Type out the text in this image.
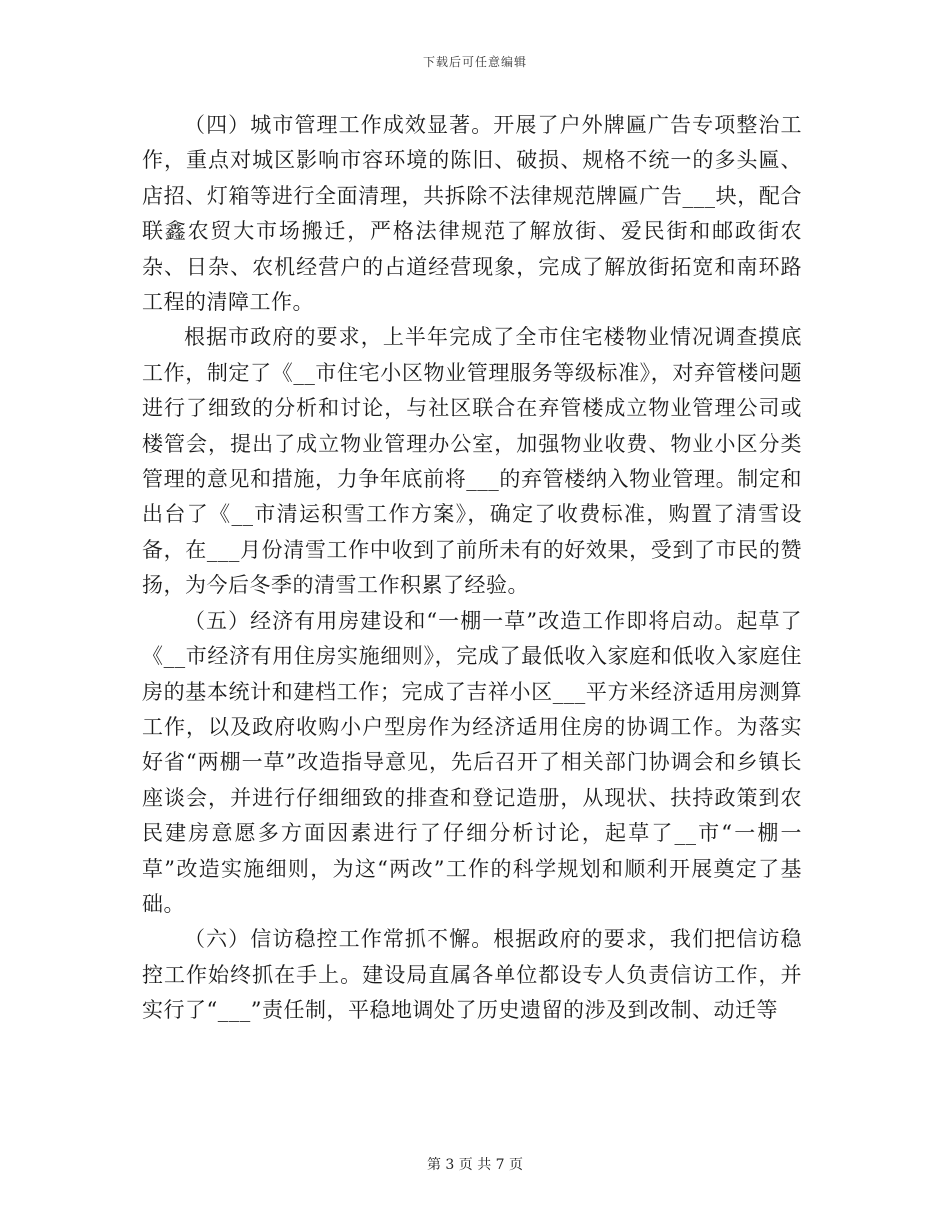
下载后可任意编辑

（四）城市管理工作成效显著。开展了户外牌匾广告专项整治工作，重点对城区影响市容环境的陈旧、破损、规格不统一的多头匾、店招、灯箱等进行全面清理，共拆除不法律规范牌匾广告___块，配合联鑫农贸大市场搬迁，严格法律规范了解放街、爱民街和邮政街农杂、日杂、农机经营户的占道经营现象，完成了解放街拓宽和南环路工程的清障工作。

根据市政府的要求，上半年完成了全市住宅楼物业情况调查摸底工作，制定了《__市住宅小区物业管理服务等级标准》，对弃管楼问题进行了细致的分析和讨论，与社区联合在弃管楼成立物业管理公司或楼管会，提出了成立物业管理办公室，加强物业收费、物业小区分类管理的意见和措施，力争年底前将___的弃管楼纳入物业管理。制定和出台了《__市清运积雪工作方案》，确定了收费标准，购置了清雪设备，在___月份清雪工作中收到了前所未有的好效果，受到了市民的赞扬，为今后冬季的清雪工作积累了经验。

（五）经济有用房建设和“一棚一草”改造工作即将启动。起草了《__市经济有用住房实施细则》，完成了最低收入家庭和低收入家庭住房的基本统计和建档工作；完成了吉祥小区___平方米经济适用房测算工作，以及政府收购小户型房作为经济适用住房的协调工作。为落实好省“两棚一草”改造指导意见，先后召开了相关部门协调会和乡镇长座谈会，并进行仔细细致的排查和登记造册，从现状、扶持政策到农民建房意愿多方面因素进行了仔细分析讨论，起草了__市“一棚一草”改造实施细则，为这“两改”工作的科学规划和顺利开展奠定了基础。

（六）信访稳控工作常抓不懈。根据政府的要求，我们把信访稳控工作始终抓在手上。建设局直属各单位都设专人负责信访工作，并实行了“___”责任制，平稳地调处了历史遗留的涉及到改制、动迁等

第 3 页 共 7 页
